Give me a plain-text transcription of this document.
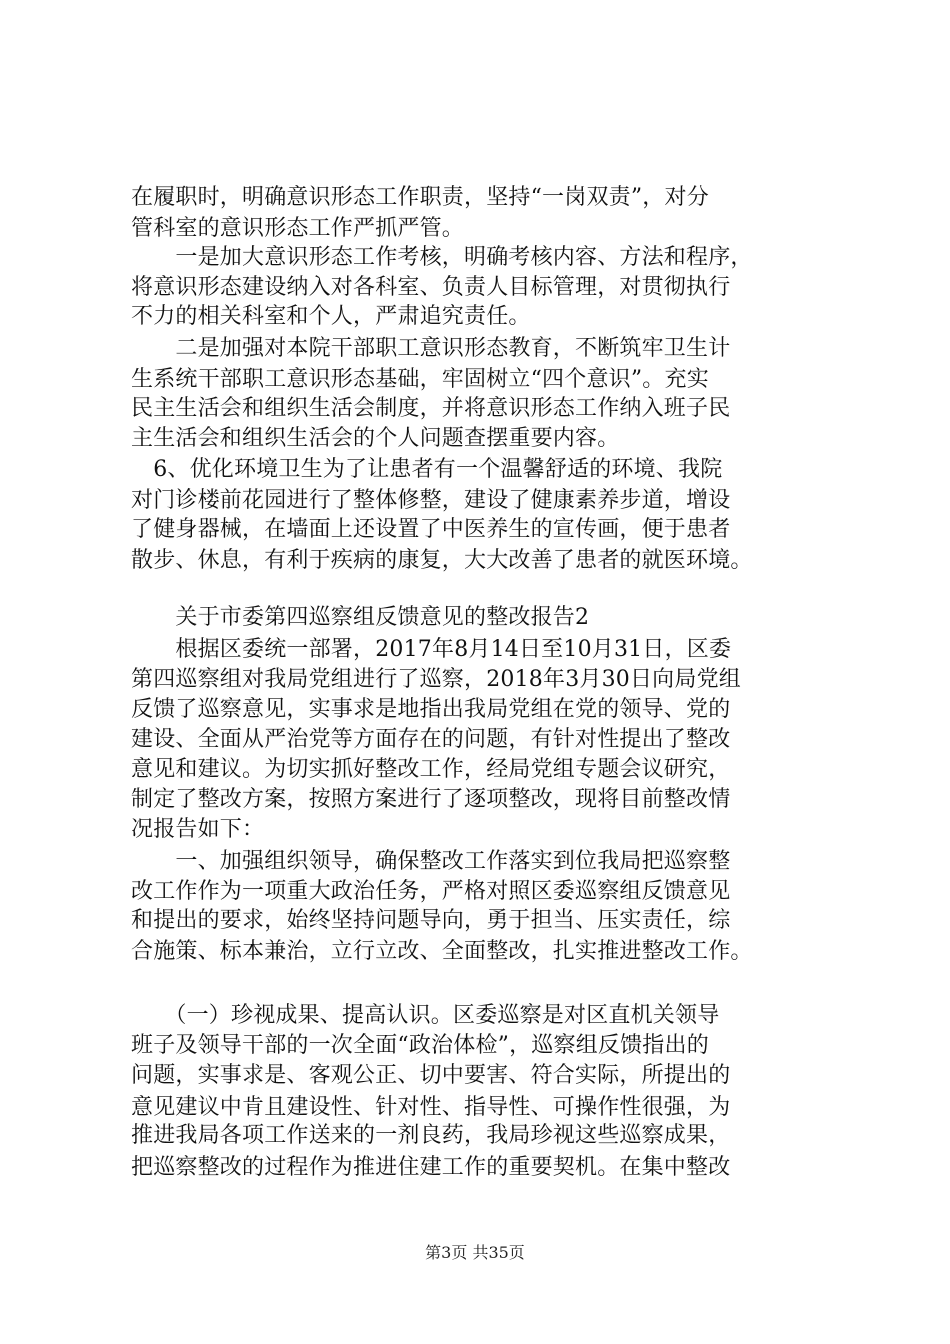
在履职时，明确意识形态工作职责，坚持“一岗双责”，对分
管科室的意识形态工作严抓严管。
　　一是加大意识形态工作考核，明确考核内容、方法和程序，
将意识形态建设纳入对各科室、负责人目标管理，对贯彻执行
不力的相关科室和个人，严肃追究责任。
　　二是加强对本院干部职工意识形态教育，不断筑牢卫生计
生系统干部职工意识形态基础，牢固树立“四个意识”。充实
民主生活会和组织生活会制度，并将意识形态工作纳入班子民
主生活会和组织生活会的个人问题查摆重要内容。
　6、优化环境卫生为了让患者有一个温馨舒适的环境、我院
对门诊楼前花园进行了整体修整，建设了健康素养步道，增设
了健身器械，在墙面上还设置了中医养生的宣传画，便于患者
散步、休息，有利于疾病的康复，大大改善了患者的就医环境。
　　关于市委第四巡察组反馈意见的整改报告2
　　根据区委统一部署，2017年8月14日至10月31日，区委
第四巡察组对我局党组进行了巡察，2018年3月30日向局党组
反馈了巡察意见，实事求是地指出我局党组在党的领导、党的
建设、全面从严治党等方面存在的问题，有针对性提出了整改
意见和建议。为切实抓好整改工作，经局党组专题会议研究，
制定了整改方案，按照方案进行了逐项整改，现将目前整改情
况报告如下：
　　一、加强组织领导，确保整改工作落实到位我局把巡察整
改工作作为一项重大政治任务，严格对照区委巡察组反馈意见
和提出的要求，始终坚持问题导向，勇于担当、压实责任，综
合施策、标本兼治，立行立改、全面整改，扎实推进整改工作。
　　（一）珍视成果、提高认识。区委巡察是对区直机关领导
班子及领导干部的一次全面“政治体检”，巡察组反馈指出的
问题，实事求是、客观公正、切中要害、符合实际，所提出的
意见建议中肯且建设性、针对性、指导性、可操作性很强，为
推进我局各项工作送来的一剂良药，我局珍视这些巡察成果，
把巡察整改的过程作为推进住建工作的重要契机。在集中整改
第3页 共35页
